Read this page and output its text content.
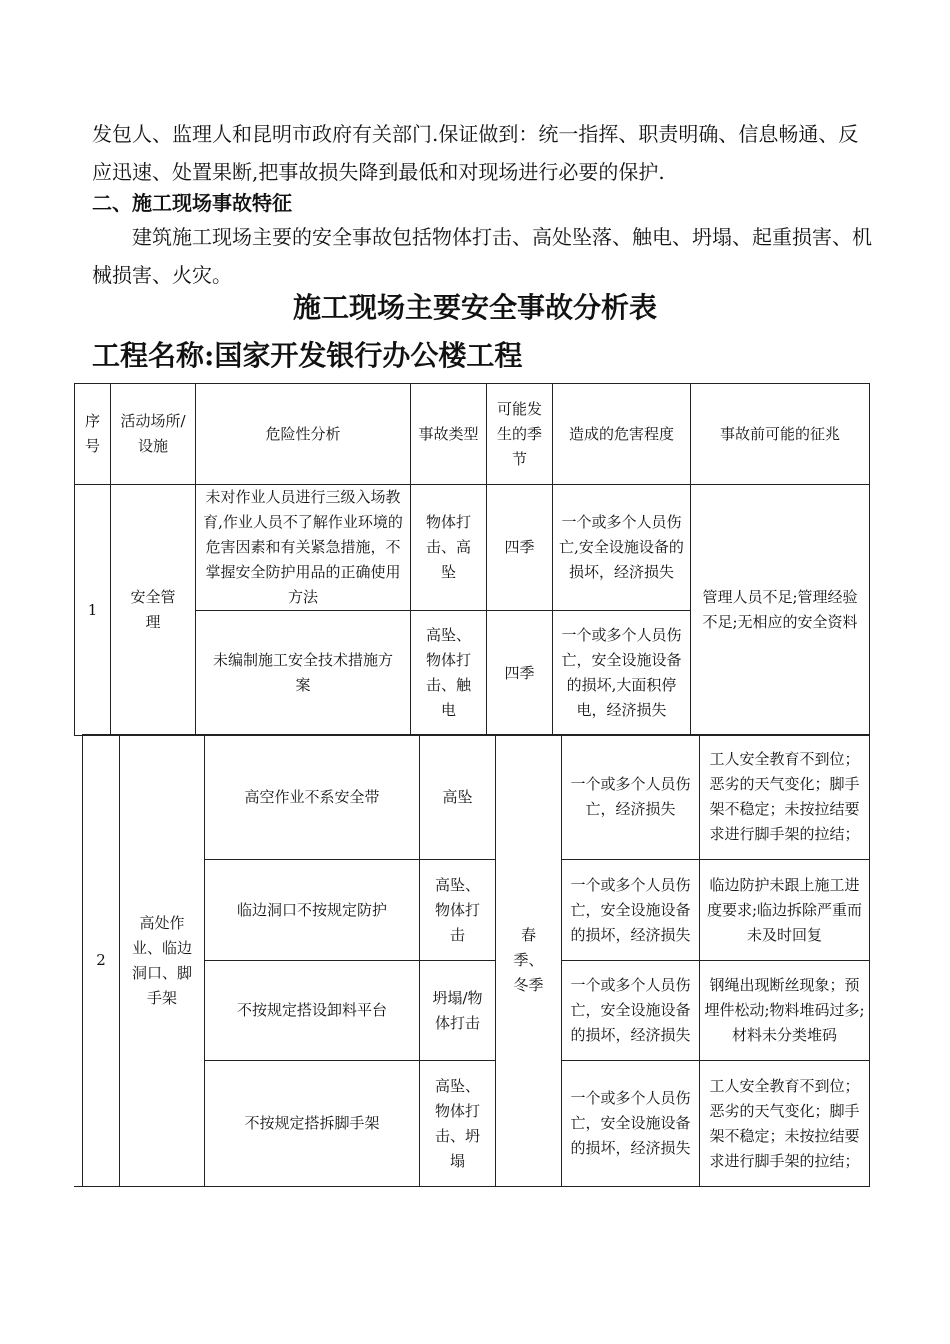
发包人、监理人和昆明市政府有关部门.保证做到：统一指挥、职责明确、信息畅通、反应迅速、处置果断,把事故损失降到最低和对现场进行必要的保护.

二、施工现场事故特征

建筑施工现场主要的安全事故包括物体打击、高处坠落、触电、坍塌、起重损害、机械损害、火灾。

施工现场主要安全事故分析表
工程名称:国家开发银行办公楼工程
序号	活动场所/设施	危险性分析	事故类型	可能发生的季节	造成的危害程度	事故前可能的征兆
1	安全管理	未对作业人员进行三级入场教育,作业人员不了解作业环境的危害因素和有关紧急措施，不掌握安全防护用品的正确使用方法	物体打击、高坠	四季	一个或多个人员伤亡,安全设施设备的损坏，经济损失	管理人员不足;管理经验不足;无相应的安全资料
		未编制施工安全技术措施方案	高坠、物体打击、触电	四季	一个或多个人员伤亡，安全设施设备的损坏,大面积停电，经济损失	
2	高处作业、临边洞口、脚手架	高空作业不系安全带	高坠	春季、冬季	一个或多个人员伤亡，经济损失	工人安全教育不到位；恶劣的天气变化；脚手架不稳定；未按拉结要求进行脚手架的拉结；
		临边洞口不按规定防护	高坠、物体打击		一个或多个人员伤亡，安全设施设备的损坏，经济损失	临边防护未跟上施工进度要求;临边拆除严重而未及时回复
		不按规定搭设卸料平台	坍塌/物体打击		一个或多个人员伤亡，安全设施设备的损坏，经济损失	钢绳出现断丝现象；预埋件松动;物料堆码过多;材料未分类堆码
		不按规定搭拆脚手架	高坠、物体打击、坍塌		一个或多个人员伤亡，安全设施设备的损坏，经济损失	工人安全教育不到位；恶劣的天气变化；脚手架不稳定；未按拉结要求进行脚手架的拉结；
